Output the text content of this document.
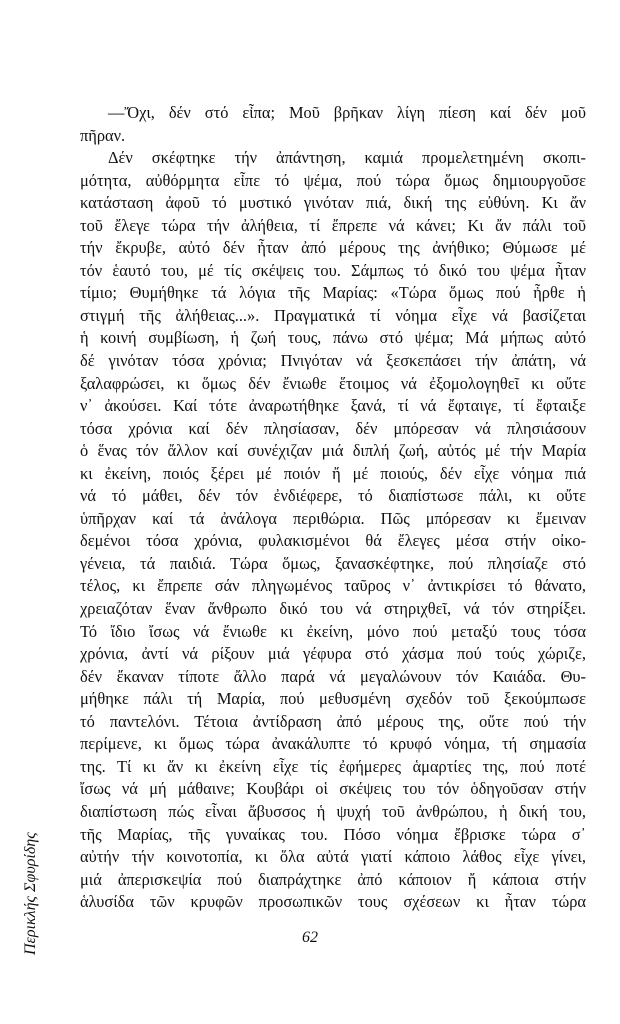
—Ὄχι, δέν στό εἶπα; Μοῦ βρῆκαν λίγη πίεση καί δέν μοῦ
πῆραν.
Δέν σκέφτηκε τήν ἀπάντηση, καμιά προμελετημένη σκοπι-
μότητα, αὐθόρμητα εἶπε τό ψέμα, πού τώρα ὅμως δημιουργοῦσε
κατάσταση ἀφοῦ τό μυστικό γινόταν πιά, δική της εὐθύνη. Κι ἄν
τοῦ ἔλεγε τώρα τήν ἀλήθεια, τί ἔπρεπε νά κάνει; Κι ἄν πάλι τοῦ
τήν ἔκρυβε, αὐτό δέν ἦταν ἀπό μέρους της ἀνήθικο; Θύμωσε μέ
τόν ἑαυτό του, μέ τίς σκέψεις του. Σάμπως τό δικό του ψέμα ἦταν
τίμιο; Θυμήθηκε τά λόγια τῆς Μαρίας: «Τώρα ὅμως πού ἦρθε ἡ
στιγμή τῆς ἀλήθειας...». Πραγματικά τί νόημα εἶχε νά βασίζεται
ἡ κοινή συμβίωση, ἡ ζωή τους, πάνω στό ψέμα; Μά μήπως αὐτό
δέ γινόταν τόσα χρόνια; Πνιγόταν νά ξεσκεπάσει τήν ἀπάτη, νά
ξαλαφρώσει, κι ὅμως δέν ἔνιωθε ἕτοιμος νά ἐξομολογηθεῖ κι οὔτε
ν᾿ ἀκούσει. Καί τότε ἀναρωτήθηκε ξανά, τί νά ἔφταιγε, τί ἔφταιξε
τόσα χρόνια καί δέν πλησίασαν, δέν μπόρεσαν νά πλησιάσουν
ὁ ἕνας τόν ἄλλον καί συνέχιζαν μιά διπλή ζωή, αὐτός μέ τήν Μαρία
κι ἐκείνη, ποιός ξέρει μέ ποιόν ἤ μέ ποιούς, δέν εἶχε νόημα πιά
νά τό μάθει, δέν τόν ἐνδιέφερε, τό διαπίστωσε πάλι, κι οὔτε
ὑπῆρχαν καί τά ἀνάλογα περιθώρια. Πῶς μπόρεσαν κι ἔμειναν
δεμένοι τόσα χρόνια, φυλακισμένοι θά ἔλεγες μέσα στήν οἰκο-
γένεια, τά παιδιά. Τώρα ὅμως, ξανασκέφτηκε, πού πλησίαζε στό
τέλος, κι ἔπρεπε σάν πληγωμένος ταῦρος ν᾿ ἀντικρίσει τό θάνατο,
χρειαζόταν ἕναν ἄνθρωπο δικό του νά στηριχθεῖ, νά τόν στηρίξει.
Τό ἴδιο ἴσως νά ἔνιωθε κι ἐκείνη, μόνο πού μεταξύ τους τόσα
χρόνια, ἀντί νά ρίξουν μιά γέφυρα στό χάσμα πού τούς χώριζε,
δέν ἔκαναν τίποτε ἄλλο παρά νά μεγαλώνουν τόν Καιάδα. Θυ-
μήθηκε πάλι τή Μαρία, πού μεθυσμένη σχεδόν τοῦ ξεκούμπωσε
τό παντελόνι. Τέτοια ἀντίδραση ἀπό μέρους της, οὔτε πού τήν
περίμενε, κι ὅμως τώρα ἀνακάλυπτε τό κρυφό νόημα, τή σημασία
της. Τί κι ἄν κι ἐκείνη εἶχε τίς ἐφήμερες ἁμαρτίες της, πού ποτέ
ἴσως νά μή μάθαινε; Κουβάρι οἱ σκέψεις του τόν ὁδηγοῦσαν στήν
διαπίστωση πώς εἶναι ἄβυσσος ἡ ψυχή τοῦ ἀνθρώπου, ἡ δική του,
τῆς Μαρίας, τῆς γυναίκας του. Πόσο νόημα ἔβρισκε τώρα σ᾿
αὐτήν τήν κοινοτοπία, κι ὅλα αὐτά γιατί κάποιο λάθος εἶχε γίνει,
μιά ἀπερισκεψία πού διαπράχτηκε ἀπό κάποιον ἤ κάποια στήν
ἁλυσίδα τῶν κρυφῶν προσωπικῶν τους σχέσεων κι ἦταν τώρα
Περικλής Σφυρίδης	62
